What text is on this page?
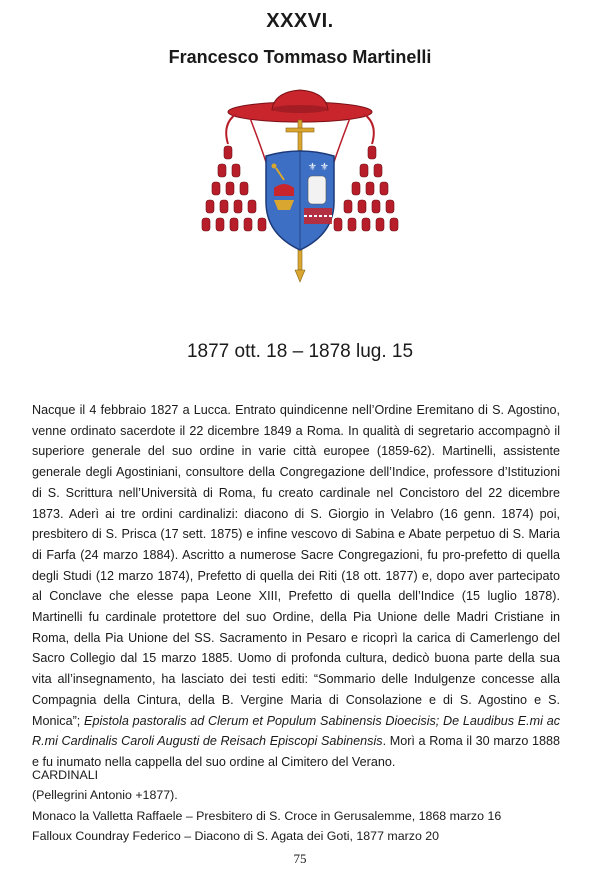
XXXVI.
Francesco Tommaso Martinelli
⚜ ⚜
1877 ott. 18 – 1878 lug. 15

Nacque il 4 febbraio 1827 a Lucca. Entrato quindicenne nell’Ordine Eremitano di S. Agostino, venne ordinato sacerdote il 22 dicembre 1849 a Roma. In qualità di segretario accompagnò il superiore generale del suo ordine in varie città europee (1859-62). Martinelli, assistente generale degli Agostiniani, consultore della Congregazione dell’Indice, professore d’Istituzioni di S. Scrittura nell’Università di Roma, fu creato cardinale nel Concistoro del 22 dicembre 1873. Aderì ai tre ordini cardinalizi: diacono di S. Giorgio in Velabro (16 genn. 1874) poi, presbitero di S. Prisca (17 sett. 1875) e infine vescovo di Sabina e Abate perpetuo di S. Maria di Farfa (24 marzo 1884). Ascritto a numerose Sacre Congregazioni, fu pro-prefetto di quella degli Studi (12 marzo 1874), Prefetto di quella dei Riti (18 ott. 1877) e, dopo aver partecipato al Conclave che elesse papa Leone XIII, Prefetto di quella dell’Indice (15 luglio 1878). Martinelli fu cardinale protettore del suo Ordine, della Pia Unione delle Madri Cristiane in Roma, della Pia Unione del SS. Sacramento in Pesaro e ricoprì la carica di Camerlengo del Sacro Collegio dal 15 marzo 1885. Uomo di profonda cultura, dedicò buona parte della sua vita all’insegnamento, ha lasciato dei testi editi: “Sommario delle Indulgenze concesse alla Compagnia della Cintura, della B. Vergine Maria di Consolazione e di S. Agostino e S. Monica”; Epistola pastoralis ad Clerum et Populum Sabinensis Dioecisis; De Laudibus E.mi ac R.mi Cardinalis Caroli Augusti de Reisach Episcopi Sabinensis. Morì a Roma il 30 marzo 1888 e fu inumato nella cappella del suo ordine al Cimitero del Verano.

CARDINALI
(Pellegrini Antonio +1877).
Monaco la Valletta Raffaele – Presbitero di S. Croce in Gerusalemme, 1868 marzo 16
Falloux Coundray Federico – Diacono di S. Agata dei Goti, 1877 marzo 20
75
